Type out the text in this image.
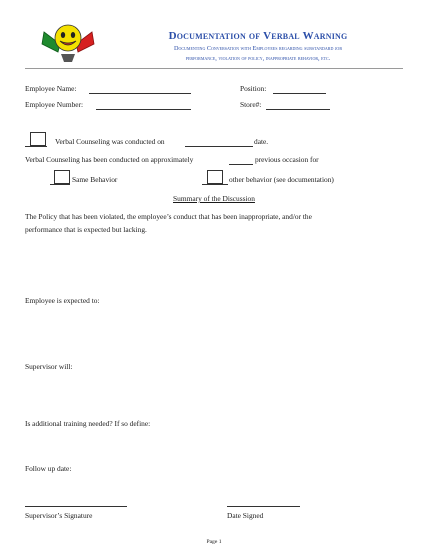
Documentation of Verbal Warning
Documenting Conversation with Employees regarding substandard job
performance, violation of policy, inappropriate behavior, etc.
Employee Name:	Position:
Employee Number:	Store#:
Verbal Counseling was conducted on	date.
Verbal Counseling has been conducted on approximately	previous occasion for
Same Behavior	other behavior (see documentation)
Summary of the Discussion
The Policy that has been violated, the employee’s conduct that has been inappropriate, and/or the
performance that is expected but lacking.
Employee is expected to:
Supervisor will:
Is additional training needed? If so define:
Follow up date:
Supervisor’s Signature	Date Signed
Page 1
